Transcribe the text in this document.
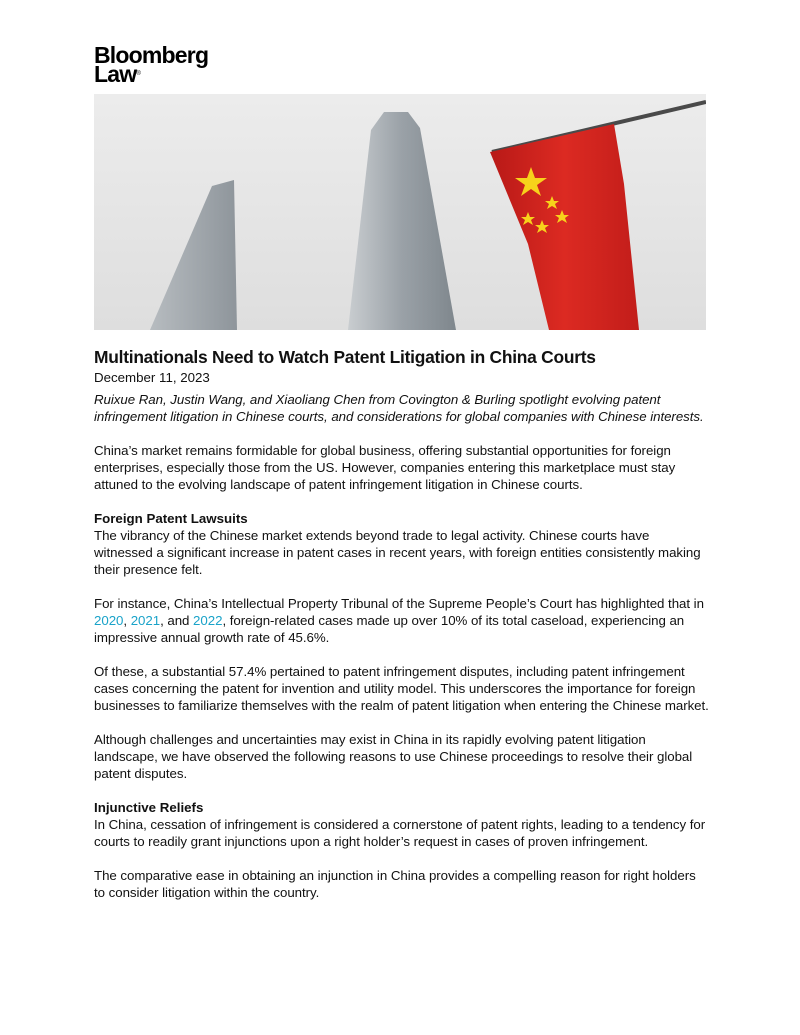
Bloomberg
Law®
Multinationals Need to Watch Patent Litigation in China Courts

December 11, 2023

Ruixue Ran, Justin Wang, and Xiaoliang Chen from Covington & Burling spotlight evolving patent infringement litigation in Chinese courts, and considerations for global companies with Chinese interests.

China’s market remains formidable for global business, offering substantial opportunities for foreign enterprises, especially those from the US. However, companies entering this marketplace must stay attuned to the evolving landscape of patent infringement litigation in Chinese courts.

Foreign Patent Lawsuits

The vibrancy of the Chinese market extends beyond trade to legal activity. Chinese courts have witnessed a significant increase in patent cases in recent years, with foreign entities consistently making their presence felt.

For instance, China’s Intellectual Property Tribunal of the Supreme People’s Court has highlighted that in 2020, 2021, and 2022, foreign-related cases made up over 10% of its total caseload, experiencing an impressive annual growth rate of 45.6%.

Of these, a substantial 57.4% pertained to patent infringement disputes, including patent infringement cases concerning the patent for invention and utility model. This underscores the importance for foreign businesses to familiarize themselves with the realm of patent litigation when entering the Chinese market.

Although challenges and uncertainties may exist in China in its rapidly evolving patent litigation landscape, we have observed the following reasons to use Chinese proceedings to resolve their global patent disputes.

Injunctive Reliefs

In China, cessation of infringement is considered a cornerstone of patent rights, leading to a tendency for courts to readily grant injunctions upon a right holder’s request in cases of proven infringement.

The comparative ease in obtaining an injunction in China provides a compelling reason for right holders to consider litigation within the country.
